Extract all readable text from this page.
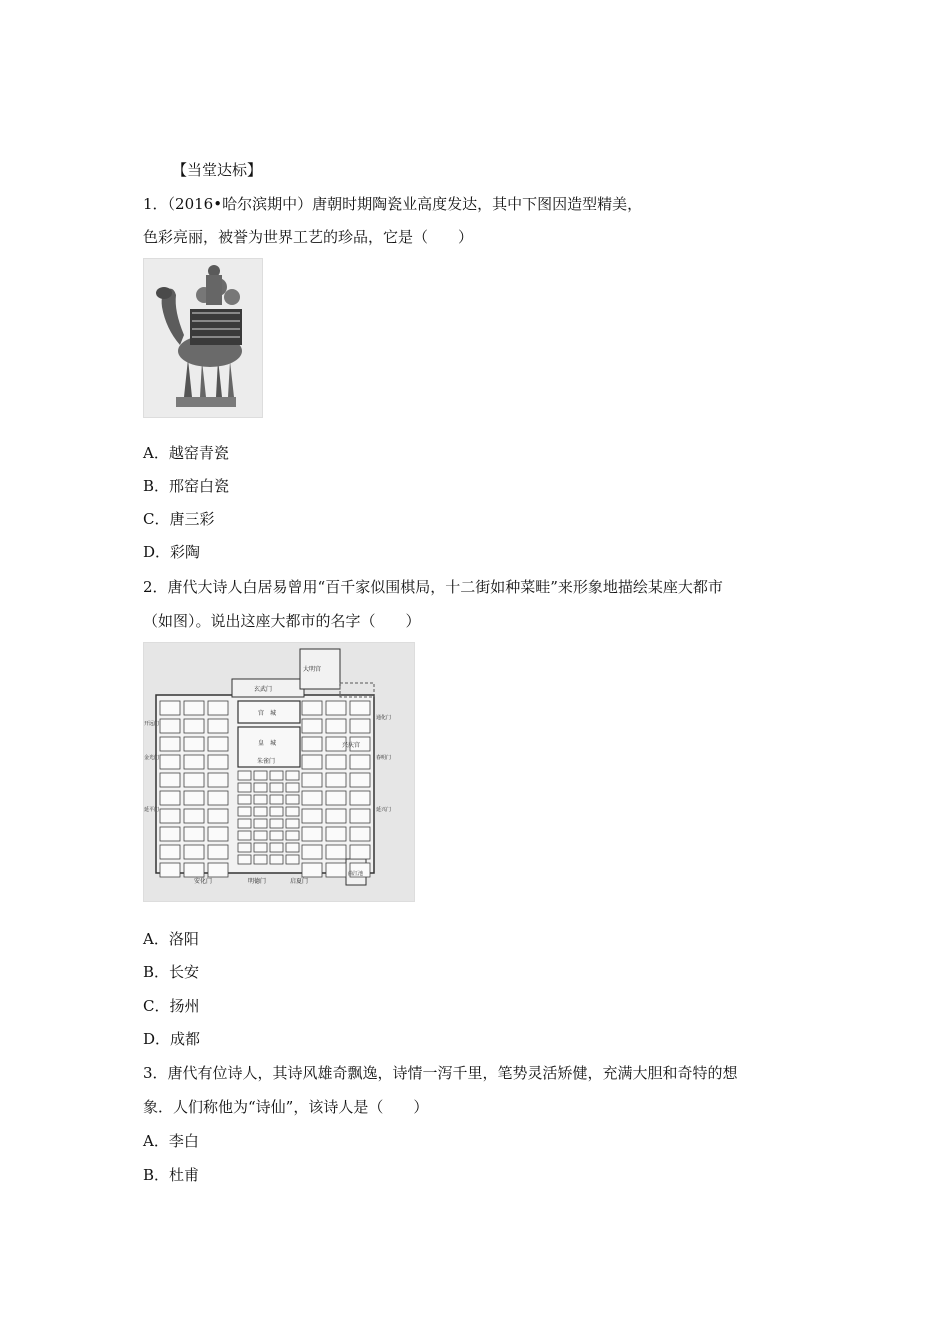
【当堂达标】
1．（2016•哈尔滨期中）唐朝时期陶瓷业高度发达，其中下图因造型精美，
色彩亮丽，被誉为世界工艺的珍品，它是（　　）
A．越窑青瓷
B．邢窑白瓷
C．唐三彩
D．彩陶
2．唐代大诗人白居易曾用“百千家似围棋局，十二街如种菜畦”来形象地描绘某座大都市
（如图）。说出这座大都市的名字（　　）
大明宫
玄武门
宫　城
皇　城
朱雀门
兴庆宫
安化门	明德门	启夏门
曲江池
通化门
春明门
延兴门
开远门
金光门
延平门
A．洛阳
B．长安
C．扬州
D．成都
3．唐代有位诗人，其诗风雄奇飘逸，诗情一泻千里，笔势灵活矫健，充满大胆和奇特的想
象．人们称他为“诗仙”，该诗人是（　　）
A．李白
B．杜甫
